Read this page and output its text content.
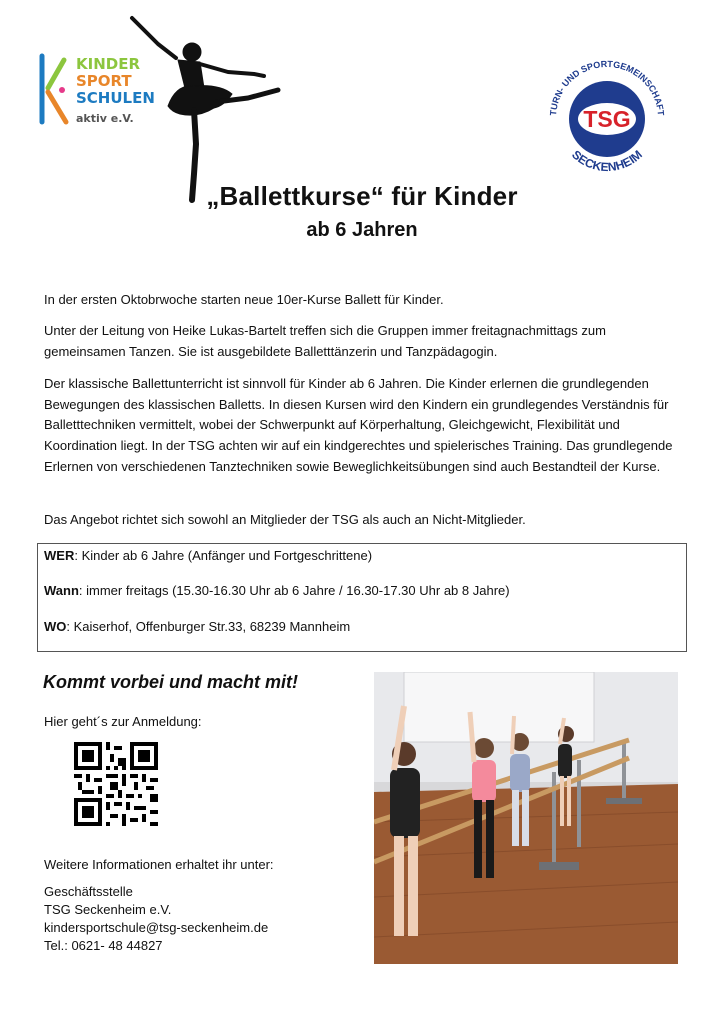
KINDER
SPORT
SCHULEN
aktiv e.V.	TSG
TURN- UND SPORTGEMEINSCHAFT
SECKENHEIM
„Ballettkurse“ für Kinder
ab 6 Jahren
In der ersten Oktobrwoche starten neue 10er-Kurse Ballett für Kinder.
Unter der Leitung von Heike Lukas-Bartelt treffen sich die Gruppen immer freitagnachmittags zum gemeinsamen Tanzen. Sie ist ausgebildete Balletttänzerin und Tanzpädagogin.
Der klassische Ballettunterricht ist sinnvoll für Kinder ab 6 Jahren. Die Kinder erlernen die grundlegenden Bewegungen des klassischen Balletts. In diesen Kursen wird den Kindern ein grundlegendes Verständnis für Balletttechniken vermittelt, wobei der Schwerpunkt auf Körperhaltung, Gleichgewicht, Flexibilität und Koordination liegt. In der TSG achten wir auf ein kindgerechtes und spielerisches Training. Das grundlegende Erlernen von verschiedenen Tanztechniken sowie Beweglichkeitsübungen sind auch Bestandteil der Kurse.
Das Angebot richtet sich sowohl an Mitglieder der TSG als auch an Nicht-Mitglieder.
WER: Kinder ab 6 Jahre (Anfänger und Fortgeschrittene)
Wann: immer freitags (15.30-16.30 Uhr ab 6 Jahre / 16.30-17.30 Uhr ab 8 Jahre)
WO: Kaiserhof, Offenburger Str.33, 68239 Mannheim
Kommt vorbei und macht mit!
Hier geht´s zur Anmeldung:
Weitere Informationen erhaltet ihr unter:
Geschäftsstelle
TSG Seckenheim e.V.
kindersportschule@tsg-seckenheim.de
Tel.: 0621- 48 44827
